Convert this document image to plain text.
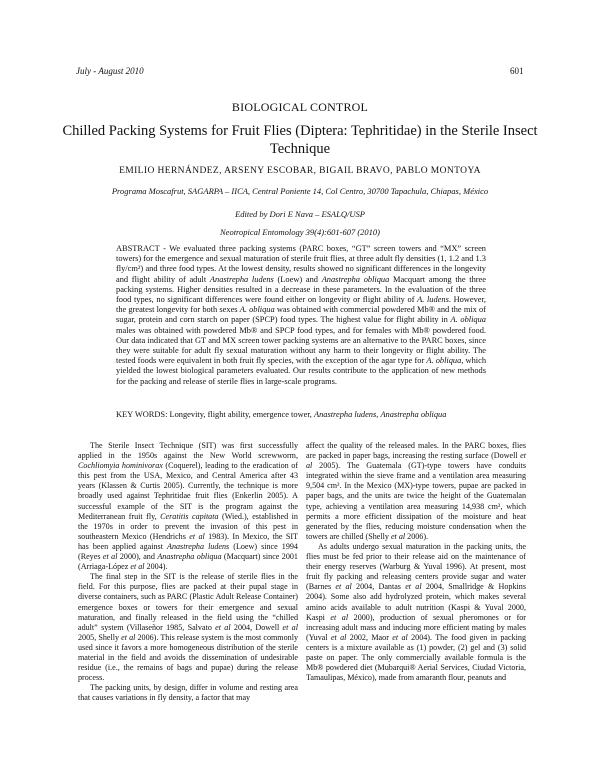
July - August 2010	601
BIOLOGICAL CONTROL
Chilled Packing Systems for Fruit Flies (Diptera: Tephritidae) in the Sterile Insect Technique
EMILIO HERNÁNDEZ, ARSENY ESCOBAR, BIGAIL BRAVO, PABLO MONTOYA
Programa Moscafrut, SAGARPA – IICA, Central Poniente 14, Col Centro, 30700 Tapachula, Chiapas, México
Edited by Dori E Nava – ESALQ/USP
Neotropical Entomology 39(4):601-607 (2010)
ABSTRACT - We evaluated three packing systems (PARC boxes, “GT” screen towers and “MX” screen towers) for the emergence and sexual maturation of sterile fruit flies, at three adult fly densities (1, 1.2 and 1.3 fly/cm²) and three food types. At the lowest density, results showed no significant differences in the longevity and flight ability of adult Anastrepha ludens (Loew) and Anastrepha obliqua Macquart among the three packing systems. Higher densities resulted in a decrease in these parameters. In the evaluation of the three food types, no significant differences were found either on longevity or flight ability of A. ludens. However, the greatest longevity for both sexes A. obliqua was obtained with commercial powdered Mb® and the mix of sugar, protein and corn starch on paper (SPCP) food types. The highest value for flight ability in A. obliqua males was obtained with powdered Mb® and SPCP food types, and for females with Mb® powdered food. Our data indicated that GT and MX screen tower packing systems are an alternative to the PARC boxes, since they were suitable for adult fly sexual maturation without any harm to their longevity or flight ability. The tested foods were equivalent in both fruit fly species, with the exception of the agar type for A. obliqua, which yielded the lowest biological parameters evaluated. Our results contribute to the application of new methods for the packing and release of sterile flies in large-scale programs.
KEY WORDS: Longevity, flight ability, emergence tower, Anastrepha ludens, Anastrepha obliqua

The Sterile Insect Technique (SIT) was first successfully applied in the 1950s against the New World screwworm, Cochliomyia hominivorax (Coquerel), leading to the eradication of this pest from the USA, Mexico, and Central America after 43 years (Klassen & Curtis 2005). Currently, the technique is more broadly used against Tephritidae fruit flies (Enkerlin 2005). A successful example of the SIT is the program against the Mediterranean fruit fly, Ceratitis capitata (Wied.), established in the 1970s in order to prevent the invasion of this pest in southeastern Mexico (Hendrichs et al 1983). In Mexico, the SIT has been applied against Anastrepha ludens (Loew) since 1994 (Reyes et al 2000), and Anastrepha obliqua (Macquart) since 2001 (Arriaga-López et al 2004).

The final step in the SIT is the release of sterile flies in the field. For this purpose, flies are packed at their pupal stage in diverse containers, such as PARC (Plastic Adult Release Container) emergence boxes or towers for their emergence and sexual maturation, and finally released in the field using the “chilled adult” system (Villaseñor 1985, Salvato et al 2004, Dowell et al 2005, Shelly et al 2006). This release system is the most commonly used since it favors a more homogeneous distribution of the sterile material in the field and avoids the dissemination of undesirable residue (i.e., the remains of bags and pupae) during the release process.

The packing units, by design, differ in volume and resting area that causes variations in fly density, a factor that may

affect the quality of the released males. In the PARC boxes, flies are packed in paper bags, increasing the resting surface (Dowell et al 2005). The Guatemala (GT)-type towers have conduits integrated within the sieve frame and a ventilation area measuring 9,504 cm². In the Mexico (MX)-type towers, pupae are packed in paper bags, and the units are twice the height of the Guatemalan type, achieving a ventilation area measuring 14,938 cm², which permits a more efficient dissipation of the moisture and heat generated by the flies, reducing moisture condensation when the towers are chilled (Shelly et al 2006).

As adults undergo sexual maturation in the packing units, the flies must be fed prior to their release aid on the maintenance of their energy reserves (Warburg & Yuval 1996). At present, most fruit fly packing and releasing centers provide sugar and water (Barnes et al 2004, Dantas et al 2004, Smallridge & Hopkins 2004). Some also add hydrolyzed protein, which makes several amino acids available to adult nutrition (Kaspi & Yuval 2000, Kaspi et al 2000), production of sexual pheromones or for increasing adult mass and inducing more efficient mating by males (Yuval et al 2002, Maor et al 2004). The food given in packing centers is a mixture available as (1) powder, (2) gel and (3) solid paste on paper. The only commercially available formula is the Mb® powdered diet (Mubarqui® Aerial Services, Ciudad Victoria, Tamaulipas, México), made from amaranth flour, peanuts and
